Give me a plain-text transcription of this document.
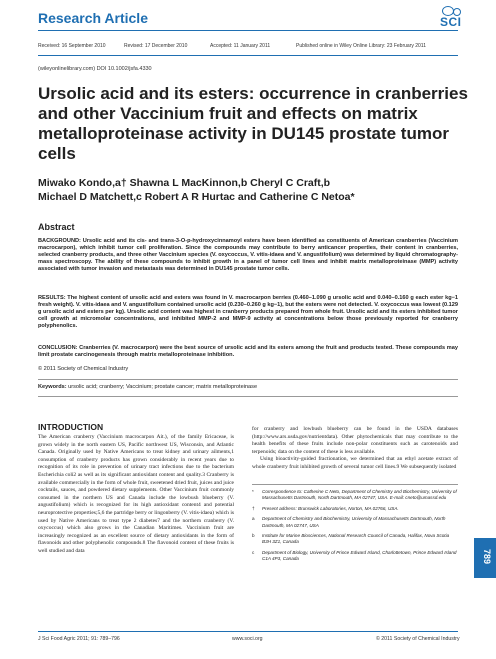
Research Article	SCI
Received: 16 September 2010	Revised: 17 December 2010	Accepted: 11 January 2011	Published online in Wiley Online Library: 23 February 2011
(wileyonlinelibrary.com) DOI 10.1002/jsfa.4330
Ursolic acid and its esters: occurrence in cranberries and other Vaccinium fruit and effects on matrix metalloproteinase activity in DU145 prostate tumor cells
Miwako Kondo,a† Shawna L MacKinnon,b Cheryl C Craft,b
Michael D Matchett,c Robert A R Hurtac and Catherine C Netoa*
Abstract
BACKGROUND: Ursolic acid and its cis- and trans-3-O-p-hydroxycinnamoyl esters have been identified as constituents of American cranberries (Vaccinium macrocarpon), which inhibit tumor cell proliferation. Since the compounds may contribute to berry anticancer properties, their content in cranberries, selected cranberry products, and three other Vaccinium species (V. oxycoccus, V. vitis-idaea and V. angustifolium) was determined by liquid chromatography-mass spectroscopy. The ability of these compounds to inhibit growth in a panel of tumor cell lines and inhibit matrix metalloproteinase (MMP) activity associated with tumor invasion and metastasis was determined in DU145 prostate tumor cells.
RESULTS: The highest content of ursolic acid and esters was found in V. macrocarpon berries (0.460–1.090 g ursolic acid and 0.040–0.160 g each ester kg−1 fresh weight). V. vitis-idaea and V. angustifolium contained ursolic acid (0.230–0.260 g kg−1), but the esters were not detected. V. oxycoccus was lowest (0.129 g ursolic acid and esters per kg). Ursolic acid content was highest in cranberry products prepared from whole fruit. Ursolic acid and its esters inhibited tumor cell growth at micromolar concentrations, and inhibited MMP-2 and MMP-9 activity at concentrations below those previously reported for cranberry polyphenolics.
CONCLUSION: Cranberries (V. macrocarpon) were the best source of ursolic acid and its esters among the fruit and products tested. These compounds may limit prostate carcinogenesis through matrix metalloproteinase inhibition.
© 2011 Society of Chemical Industry
Keywords: ursolic acid; cranberry; Vaccinium; prostate cancer; matrix metalloproteinase
INTRODUCTION

The American cranberry (Vaccinium macrocarpon Ait.), of the family Ericaceae, is grown widely in the north eastern US, Pacific northwest US, Wisconsin, and Atlantic Canada. Originally used by Native Americans to treat kidney and urinary ailments,1 consumption of cranberry products has grown considerably in recent years due to recognition of its role in prevention of urinary tract infections due to the bacterium Escherichia coli2 as well as its significant antioxidant content and quality.3 Cranberry is available commercially in the form of whole fruit, sweetened dried fruit, juices and juice cocktails, sauces, and powdered dietary supplements. Other Vaccinium fruit commonly consumed in the northern US and Canada include the lowbush blueberry (V. angustifolium) which is recognized for its high antioxidant content4 and potential neuroprotective properties;5,6 the partridge berry or lingonberry (V. vitis-idaea) which is used by Native Americans to treat type 2 diabetes7 and the northern cranberry (V. oxycoccus) which also grows in the Canadian Maritimes. Vaccinium fruit are increasingly recognized as an excellent source of dietary antioxidants in the form of flavonoids and other polyphenolic compounds.8 The flavonoid content of these fruits is well studied and data

for cranberry and lowbush blueberry can be found in the USDA databases (http://www.ars.usda.gov/nutrientdata). Other phytochemicals that may contribute to the health benefits of these fruits include non-polar constituents such as carotenoids and terpenoids; data on the content of these is less available.

Using bioactivity-guided fractionation, we determined that an ethyl acetate extract of whole cranberry fruit inhibited growth of several tumor cell lines.9 We subsequently isolated

* Correspondence to: Catherine C Neto, Department of Chemistry and Biochemistry, University of Massachusetts Dartmouth, North Dartmouth, MA 02747, USA. E-mail: cneto@umassd.edu
† Present address: Brunswick Laboratories, Norton, MA 02766, USA.
a Department of Chemistry and Biochemistry, University of Massachusetts Dartmouth, North Dartmouth, MA 02747, USA
b Institute for Marine Biosciences, National Research Council of Canada, Halifax, Nova Scotia B3H 3Z1, Canada
c Department of Biology, University of Prince Edward Island, Charlottetown, Prince Edward Island C1A 4P3, Canada	789
J Sci Food Agric 2011; 91: 789–796	www.soci.org	© 2011 Society of Chemical Industry
